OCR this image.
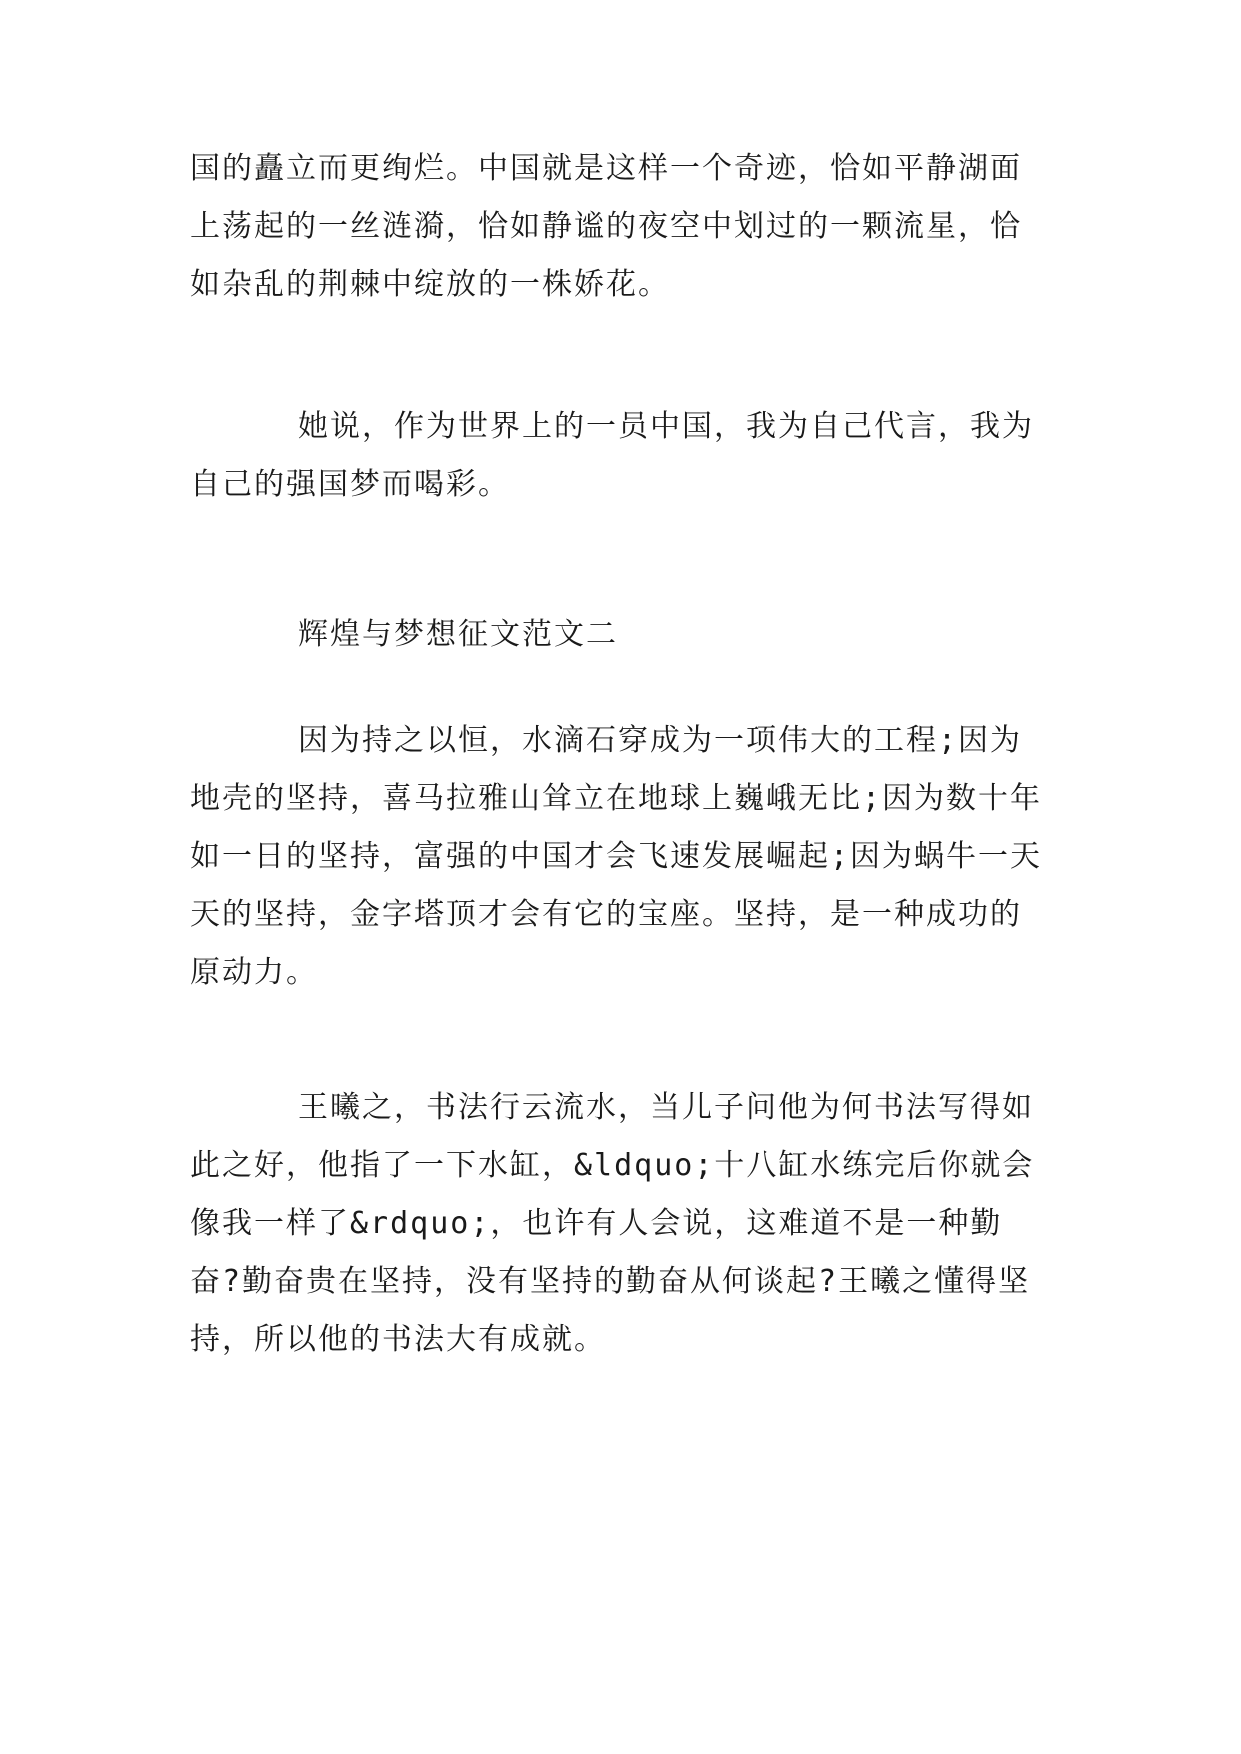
国的矗立而更绚烂。中国就是这样一个奇迹，恰如平静湖面上荡起的一丝涟漪，恰如静谧的夜空中划过的一颗流星，恰如杂乱的荆棘中绽放的一株娇花。

她说，作为世界上的一员中国，我为自己代言，我为自己的强国梦而喝彩。

辉煌与梦想征文范文二

因为持之以恒，水滴石穿成为一项伟大的工程;因为地壳的坚持，喜马拉雅山耸立在地球上巍峨无比;因为数十年如一日的坚持，富强的中国才会飞速发展崛起;因为蜗牛一天天的坚持，金字塔顶才会有它的宝座。坚持，是一种成功的原动力。

王曦之，书法行云流水，当儿子问他为何书法写得如此之好，他指了一下水缸，&ldquo;十八缸水练完后你就会像我一样了&rdquo;，也许有人会说，这难道不是一种勤奋?勤奋贵在坚持，没有坚持的勤奋从何谈起?王曦之懂得坚持，所以他的书法大有成就。
